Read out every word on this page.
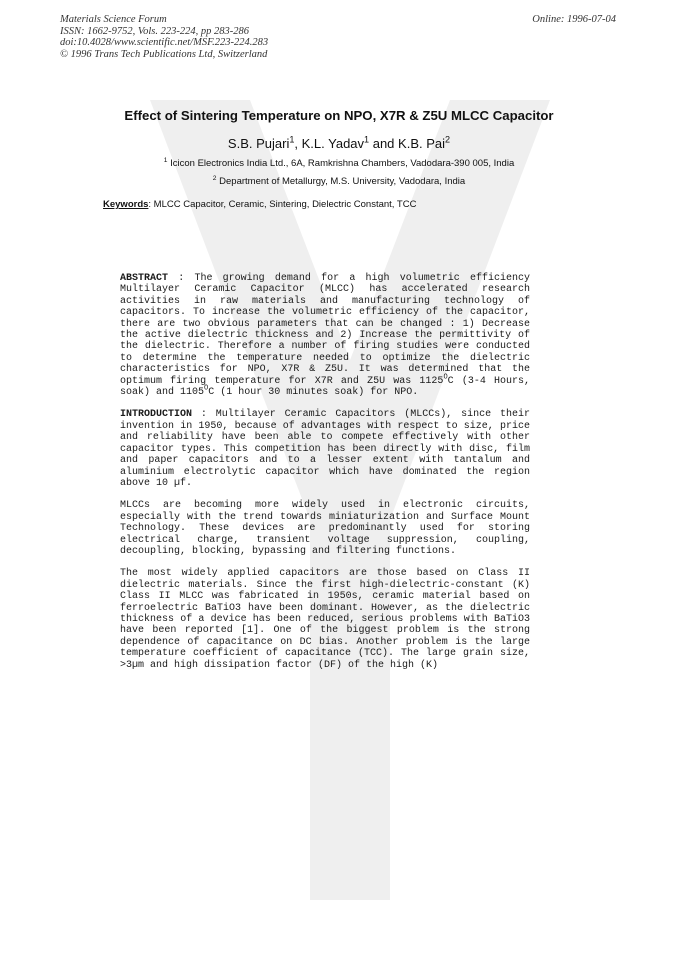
Materials Science Forum
ISSN: 1662-9752, Vols. 223-224, pp 283-286
doi:10.4028/www.scientific.net/MSF.223-224.283
© 1996 Trans Tech Publications Ltd, Switzerland
Online: 1996-07-04
Effect of Sintering Temperature on NPO, X7R & Z5U MLCC Capacitor
S.B. Pujari$^1$, K.L. Yadav$^1$ and K.B. Pai$^2$
$^1$ Icicon Electronics India Ltd., 6A, Ramkrishna Chambers, Vadodara-390 005, India
$^2$ Department of Metallurgy, M.S. University, Vadodara, India
Keywords: MLCC Capacitor, Ceramic, Sintering, Dielectric Constant, TCC

ABSTRACT : The growing demand for a high volumetric efficiency Multilayer Ceramic Capacitor (MLCC) has accelerated research activities in raw materials and manufacturing technology of capacitors. To increase the volumetric efficiency of the capacitor, there are two obvious parameters that can be changed : 1) Decrease the active dielectric thickness and 2) Increase the permittivity of the dielectric. Therefore a number of firing studies were conducted to determine the temperature needed to optimize the dielectric characteristics for NPO, X7R & Z5U. It was determined that the optimum firing temperature for X7R and Z5U was $1125^OC$ (3-4 Hours, soak) and $1105^OC$ (1 hour 30 minutes soak) for NPO.

INTRODUCTION : Multilayer Ceramic Capacitors (MLCCs), since their invention in 1950, because of advantages with respect to size, price and reliability have been able to compete effectively with other capacitor types. This competition has been directly with disc, film and paper capacitors and to a lesser extent with tantalum and aluminium electrolytic capacitor which have dominated the region above 10 µf.

MLCCs are becoming more widely used in electronic circuits, especially with the trend towards miniaturization and Surface Mount Technology. These devices are predominantly used for storing electrical charge, transient voltage suppression, coupling, decoupling, blocking, bypassing and filtering functions.

The most widely applied capacitors are those based on Class II dielectric materials. Since the first high-dielectric-constant (K) Class II MLCC was fabricated in 1950s, ceramic material based on ferroelectric BaTiO3 have been dominant. However, as the dielectric thickness of a device has been reduced, serious problems with BaTiO3 have been reported [1]. One of the biggest problem is the strong dependence of capacitance on DC bias. Another problem is the large temperature coefficient of capacitance (TCC). The large grain size, >3µm and high dissipation factor (DF) of the high (K)
